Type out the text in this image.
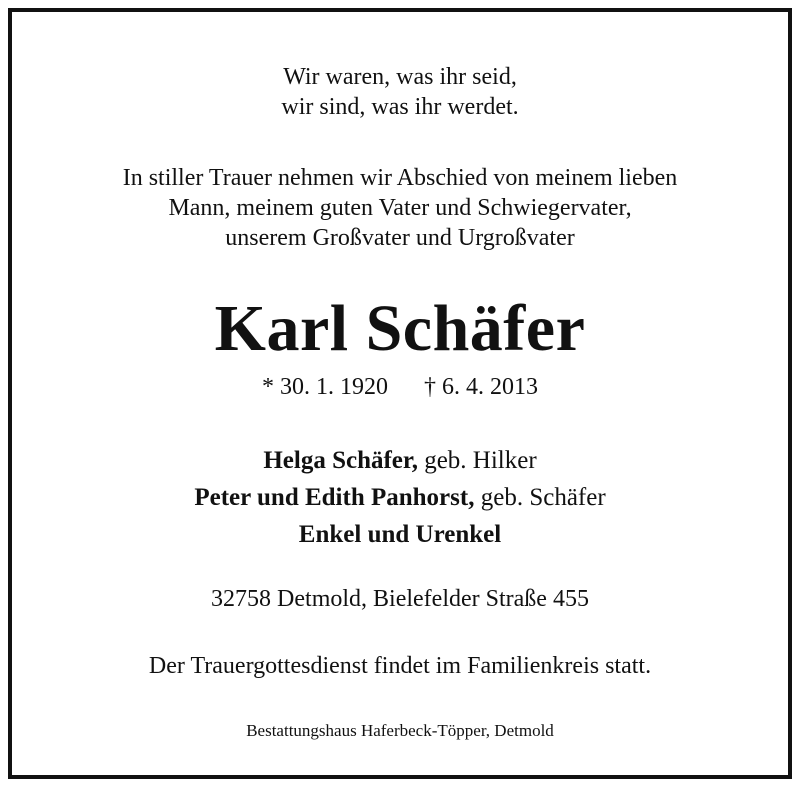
Wir waren, was ihr seid,
wir sind, was ihr werdet.
In stiller Trauer nehmen wir Abschied von meinem lieben
Mann, meinem guten Vater und Schwiegervater,
unserem Großvater und Urgroßvater
Karl Schäfer
* 30. 1. 1920 † 6. 4. 2013
Helga Schäfer, geb. Hilker
Peter und Edith Panhorst, geb. Schäfer
Enkel und Urenkel
32758 Detmold, Bielefelder Straße 455
Der Trauergottesdienst findet im Familienkreis statt.
Bestattungshaus Haferbeck-Töpper, Detmold
